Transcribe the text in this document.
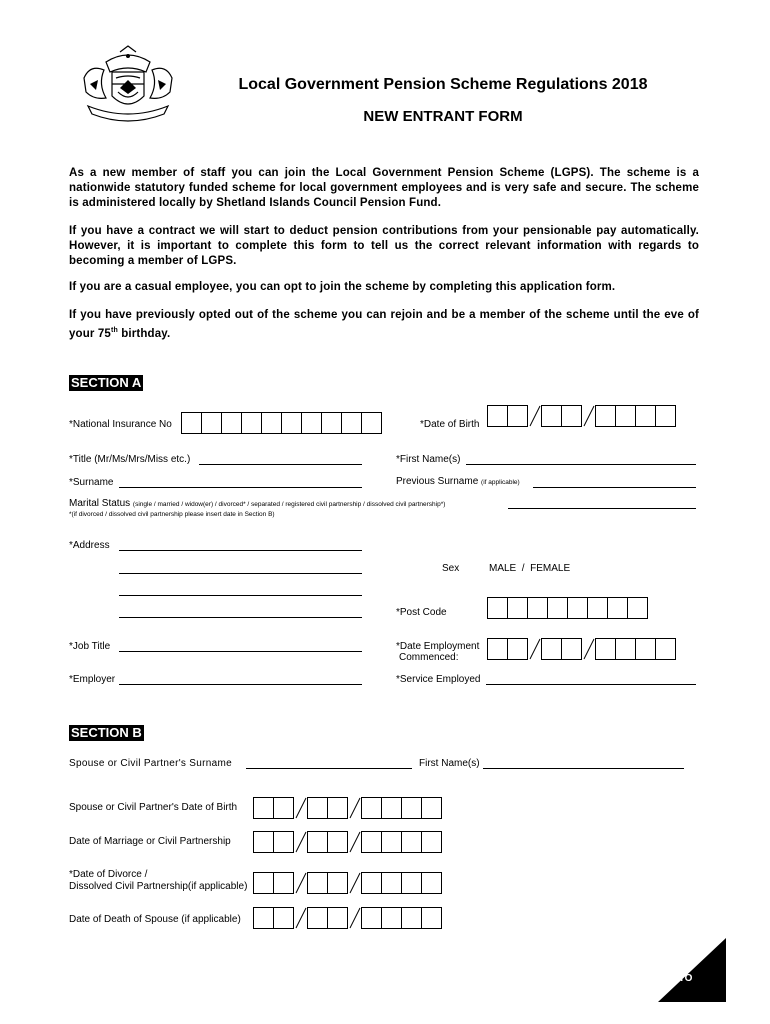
Local Government Pension Scheme Regulations 2018
NEW ENTRANT FORM
As a new member of staff you can join the Local Government Pension Scheme (LGPS). The scheme is a nationwide statutory funded scheme for local government employees and is very safe and secure. The scheme is administered locally by Shetland Islands Council Pension Fund.
If you have a contract we will start to deduct pension contributions from your pensionable pay automatically. However, it is important to complete this form to tell us the correct relevant information with regards to becoming a member of LGPS.
If you are a casual employee, you can opt to join the scheme by completing this application form.
If you have previously opted out of the scheme you can rejoin and be a member of the scheme until the eve of your 75th birthday.
SECTION A
*National Insurance No	*Date of Birth
*Title (Mr/Ms/Mrs/Miss etc.)	*First Name(s)
*Surname	Previous Surname (if applicable)
Marital Status (single / married / widow(er) / divorced* / separated / registered civil partnership / dissolved civil partnership*)
*(if divorced / dissolved civil partnership please insert date in Section B)
*Address
Sex	MALE  /  FEMALE
*Post Code
*Job Title	*Date Employment
Commenced:
*Employer	*Service Employed
SECTION B
Spouse or Civil Partner's Surname	First Name(s)
Spouse or Civil Partner's Date of Birth
Date of Marriage or Civil Partnership
*Date of Divorce /
Dissolved Civil Partnership(if applicable)
Date of Death of Spouse (if applicable)
PTO
